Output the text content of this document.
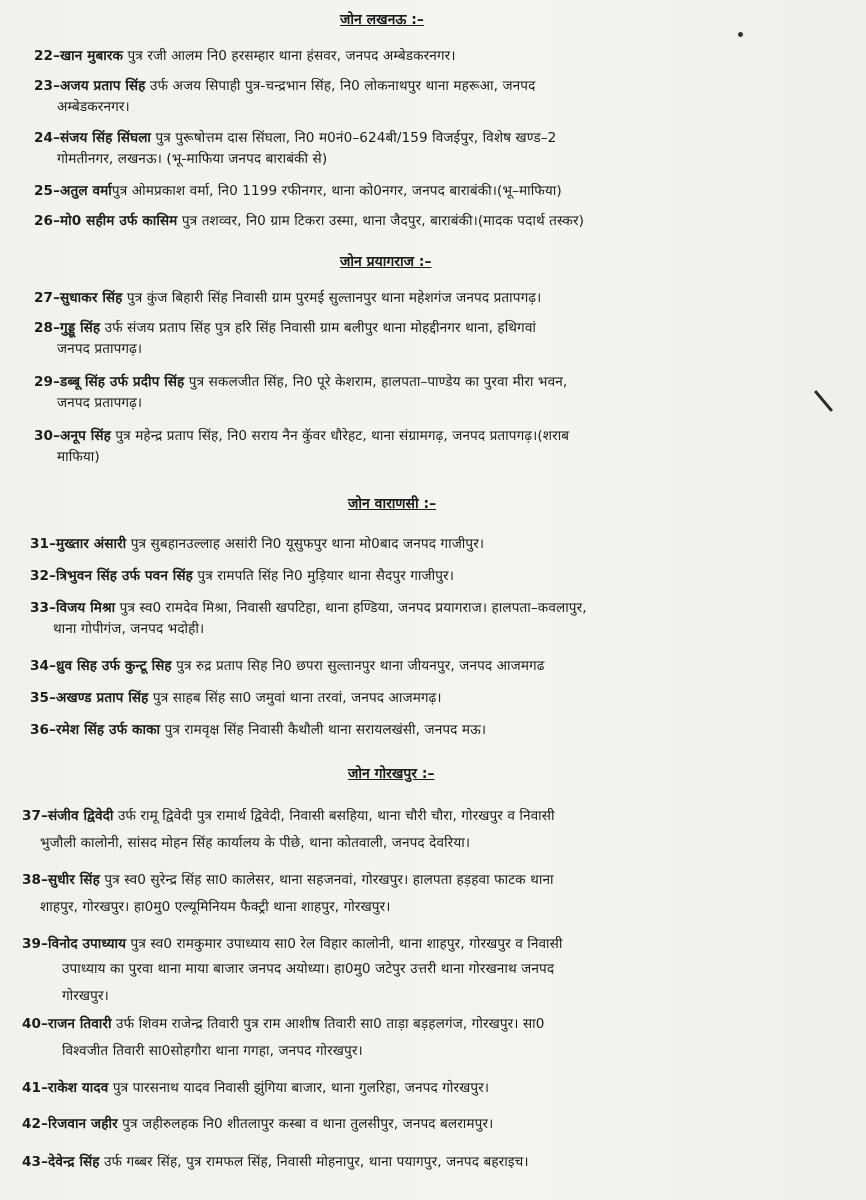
जोन लखनऊ :–
22–खान मुबारक पुत्र रजी आलम नि0 हरसम्हार थाना हंसवर, जनपद अम्बेडकरनगर।
23–अजय प्रताप सिंह उर्फ अजय सिपाही पुत्र-चन्द्रभान सिंह, नि0 लोकनाथपुर थाना महरूआ, जनपद
अम्बेडकरनगर।
24–संजय सिंह सिंघला पुत्र पुरूषोत्तम दास सिंघला, नि0 म0नं0–624बी/159 विजईपुर, विशेष खण्ड–2
गोमतीनगर, लखनऊ। (भू-माफिया जनपद बाराबंकी से)
25–अतुल वर्मापुत्र ओमप्रकाश वर्मा, नि0 1199 रफीनगर, थाना को0नगर, जनपद बाराबंकी।(भू–माफिया)
26–मो0 सहीम उर्फ कासिम पुत्र तशव्वर, नि0 ग्राम टिकरा उस्मा, थाना जैदपुर, बाराबंकी।(मादक पदार्थ तस्कर)
जोन प्रयागराज :–
27–सुधाकर सिंह पुत्र कुंज बिहारी सिंह निवासी ग्राम पुरमई सुल्तानपुर थाना महेशगंज जनपद प्रतापगढ़।
28–गुड्डू सिंह उर्फ संजय प्रताप सिंह पुत्र हरि सिंह निवासी ग्राम बलीपुर थाना मोहद्दीनगर थाना, हथिगवां
जनपद प्रतापगढ़।
29–डब्बू सिंह उर्फ प्रदीप सिंह पुत्र सकलजीत सिंह, नि0 पूरे केशराम, हालपता–पाण्डेय का पुरवा मीरा भवन,
जनपद प्रतापगढ़।
30–अनूप सिंह पुत्र महेन्द्र प्रताप सिंह, नि0 सराय नैन कुॅवर धौरेहट, थाना संग्रामगढ़, जनपद प्रतापगढ़।(शराब
माफिया)
जोन वाराणसी :–
31–मुख्तार अंसारी पुत्र सुबहानउल्लाह असांरी नि0 यूसुफपुर थाना मो0बाद जनपद गाजीपुर।
32–त्रिभुवन सिंह उर्फ पवन सिंह पुत्र रामपति सिंह नि0 मुड़ियार थाना सैदपुर गाजीपुर।
33–विजय मिश्रा पुत्र स्व0 रामदेव मिश्रा, निवासी खपटिहा, थाना हण्डिया, जनपद प्रयागराज। हालपता–कवलापुर,
थाना गोपीगंज, जनपद भदोही।
34–ध्रुव सिह उर्फ कुन्टू सिह पुत्र रुद्र प्रताप सिह नि0 छपरा सुल्तानपुर थाना जीयनपुर, जनपद आजमगढ
35–अखण्ड प्रताप सिंह पुत्र साहब सिंह सा0 जमुवां थाना तरवां, जनपद आजमगढ़।
36–रमेश सिंह उर्फ काका पुत्र रामवृक्ष सिंह निवासी कैथौली थाना सरायलखंसी, जनपद मऊ।
जोन गोरखपुर :–
37–संजीव द्विवेदी उर्फ रामू द्विवेदी पुत्र रामार्थ द्विवेदी, निवासी बसहिया, थाना चौरी चौरा, गोरखपुर व निवासी
भुजौली कालोनी, सांसद मोहन सिंह कार्यालय के पीछे, थाना कोतवाली, जनपद देवरिया।
38–सुधीर सिंह पुत्र स्व0 सुरेन्द्र सिंह सा0 कालेसर, थाना सहजनवां, गोरखपुर। हालपता हड़हवा फाटक थाना
शाहपुर, गोरखपुर। हा0मु0 एल्यूमिनियम फैक्ट्री थाना शाहपुर, गोरखपुर।
39–विनोद उपाध्याय पुत्र स्व0 रामकुमार उपाध्याय सा0 रेल विहार कालोनी, थाना शाहपुर, गोरखपुर व निवासी
उपाध्याय का पुरवा थाना माया बाजार जनपद अयोध्या। हा0मु0 जटेपुर उत्तरी थाना गोरखनाथ जनपद
गोरखपुर।
40–राजन तिवारी उर्फ शिवम राजेन्द्र तिवारी पुत्र राम आशीष तिवारी सा0 ताड़ा बड़हलगंज, गोरखपुर। सा0
विश्वजीत तिवारी सा0सोहगौरा थाना गगहा, जनपद गोरखपुर।
41–राकेश यादव पुत्र पारसनाथ यादव निवासी झुंगिया बाजार, थाना गुलरिहा, जनपद गोरखपुर।
42–रिजवान जहीर पुत्र जहीरुलहक नि0 शीतलापुर कस्बा व थाना तुलसीपुर, जनपद बलरामपुर।
43–देवेन्द्र सिंह उर्फ गब्बर सिंह, पुत्र रामफल सिंह, निवासी मोहनापुर, थाना पयागपुर, जनपद बहराइच।
